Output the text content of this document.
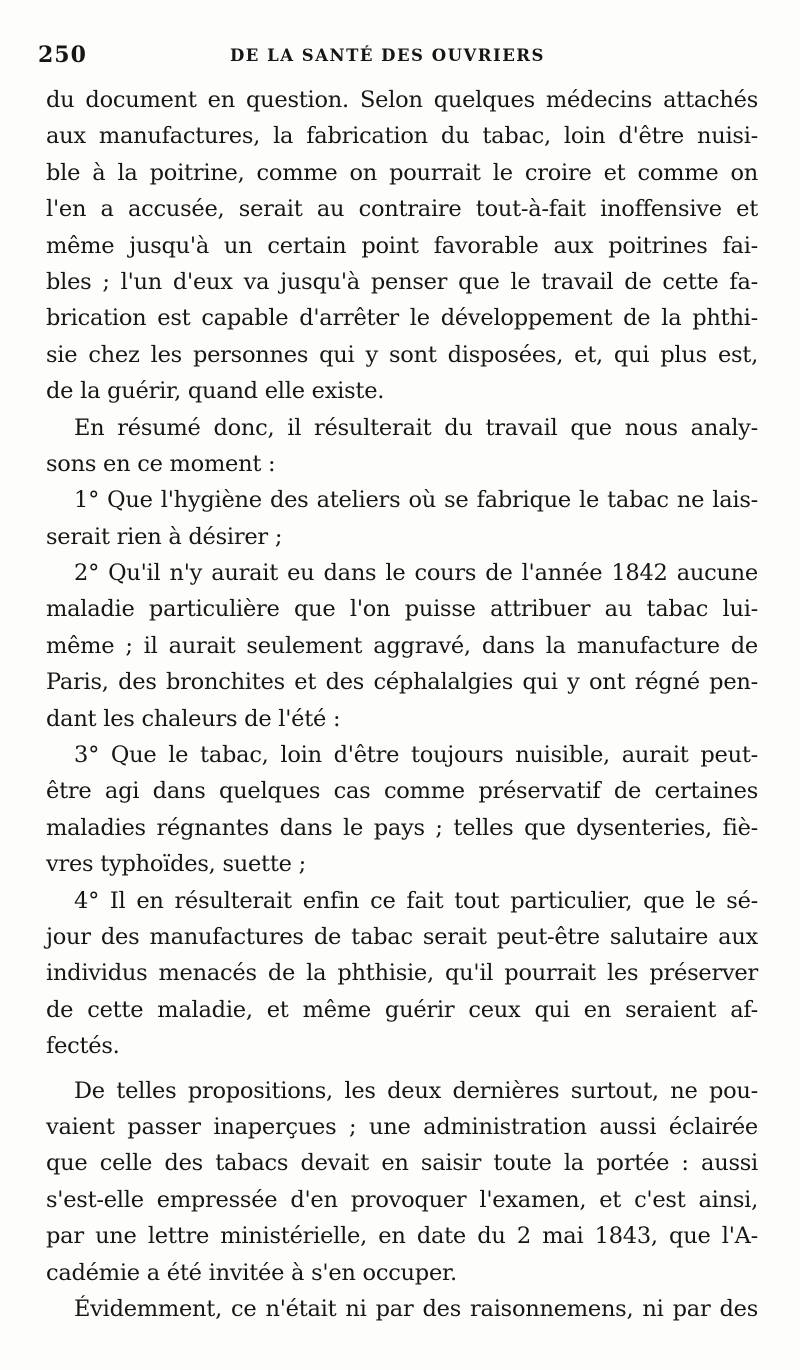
250	DE LA SANTÉ DES OUVRIERS
du document en question. Selon quelques médecins attachés
aux manufactures, la fabrication du tabac, loin d'être nuisi-
ble à la poitrine, comme on pourrait le croire et comme on
l'en a accusée, serait au contraire tout-à-fait inoffensive et
même jusqu'à un certain point favorable aux poitrines fai-
bles ; l'un d'eux va jusqu'à penser que le travail de cette fa-
brication est capable d'arrêter le développement de la phthi-
sie chez les personnes qui y sont disposées, et, qui plus est,
de la guérir, quand elle existe.
En résumé donc, il résulterait du travail que nous analy-
sons en ce moment :
1° Que l'hygiène des ateliers où se fabrique le tabac ne lais-
serait rien à désirer ;
2° Qu'il n'y aurait eu dans le cours de l'année 1842 aucune
maladie particulière que l'on puisse attribuer au tabac lui-
même ; il aurait seulement aggravé, dans la manufacture de
Paris, des bronchites et des céphalalgies qui y ont régné pen-
dant les chaleurs de l'été :
3° Que le tabac, loin d'être toujours nuisible, aurait peut-
être agi dans quelques cas comme préservatif de certaines
maladies régnantes dans le pays ; telles que dysenteries, fiè-
vres typhoïdes, suette ;
4° Il en résulterait enfin ce fait tout particulier, que le sé-
jour des manufactures de tabac serait peut-être salutaire aux
individus menacés de la phthisie, qu'il pourrait les préserver
de cette maladie, et même guérir ceux qui en seraient af-
fectés.
De telles propositions, les deux dernières surtout, ne pou-
vaient passer inaperçues ; une administration aussi éclairée
que celle des tabacs devait en saisir toute la portée : aussi
s'est-elle empressée d'en provoquer l'examen, et c'est ainsi,
par une lettre ministérielle, en date du 2 mai 1843, que l'A-
cadémie a été invitée à s'en occuper.
Évidemment, ce n'était ni par des raisonnemens, ni par des
